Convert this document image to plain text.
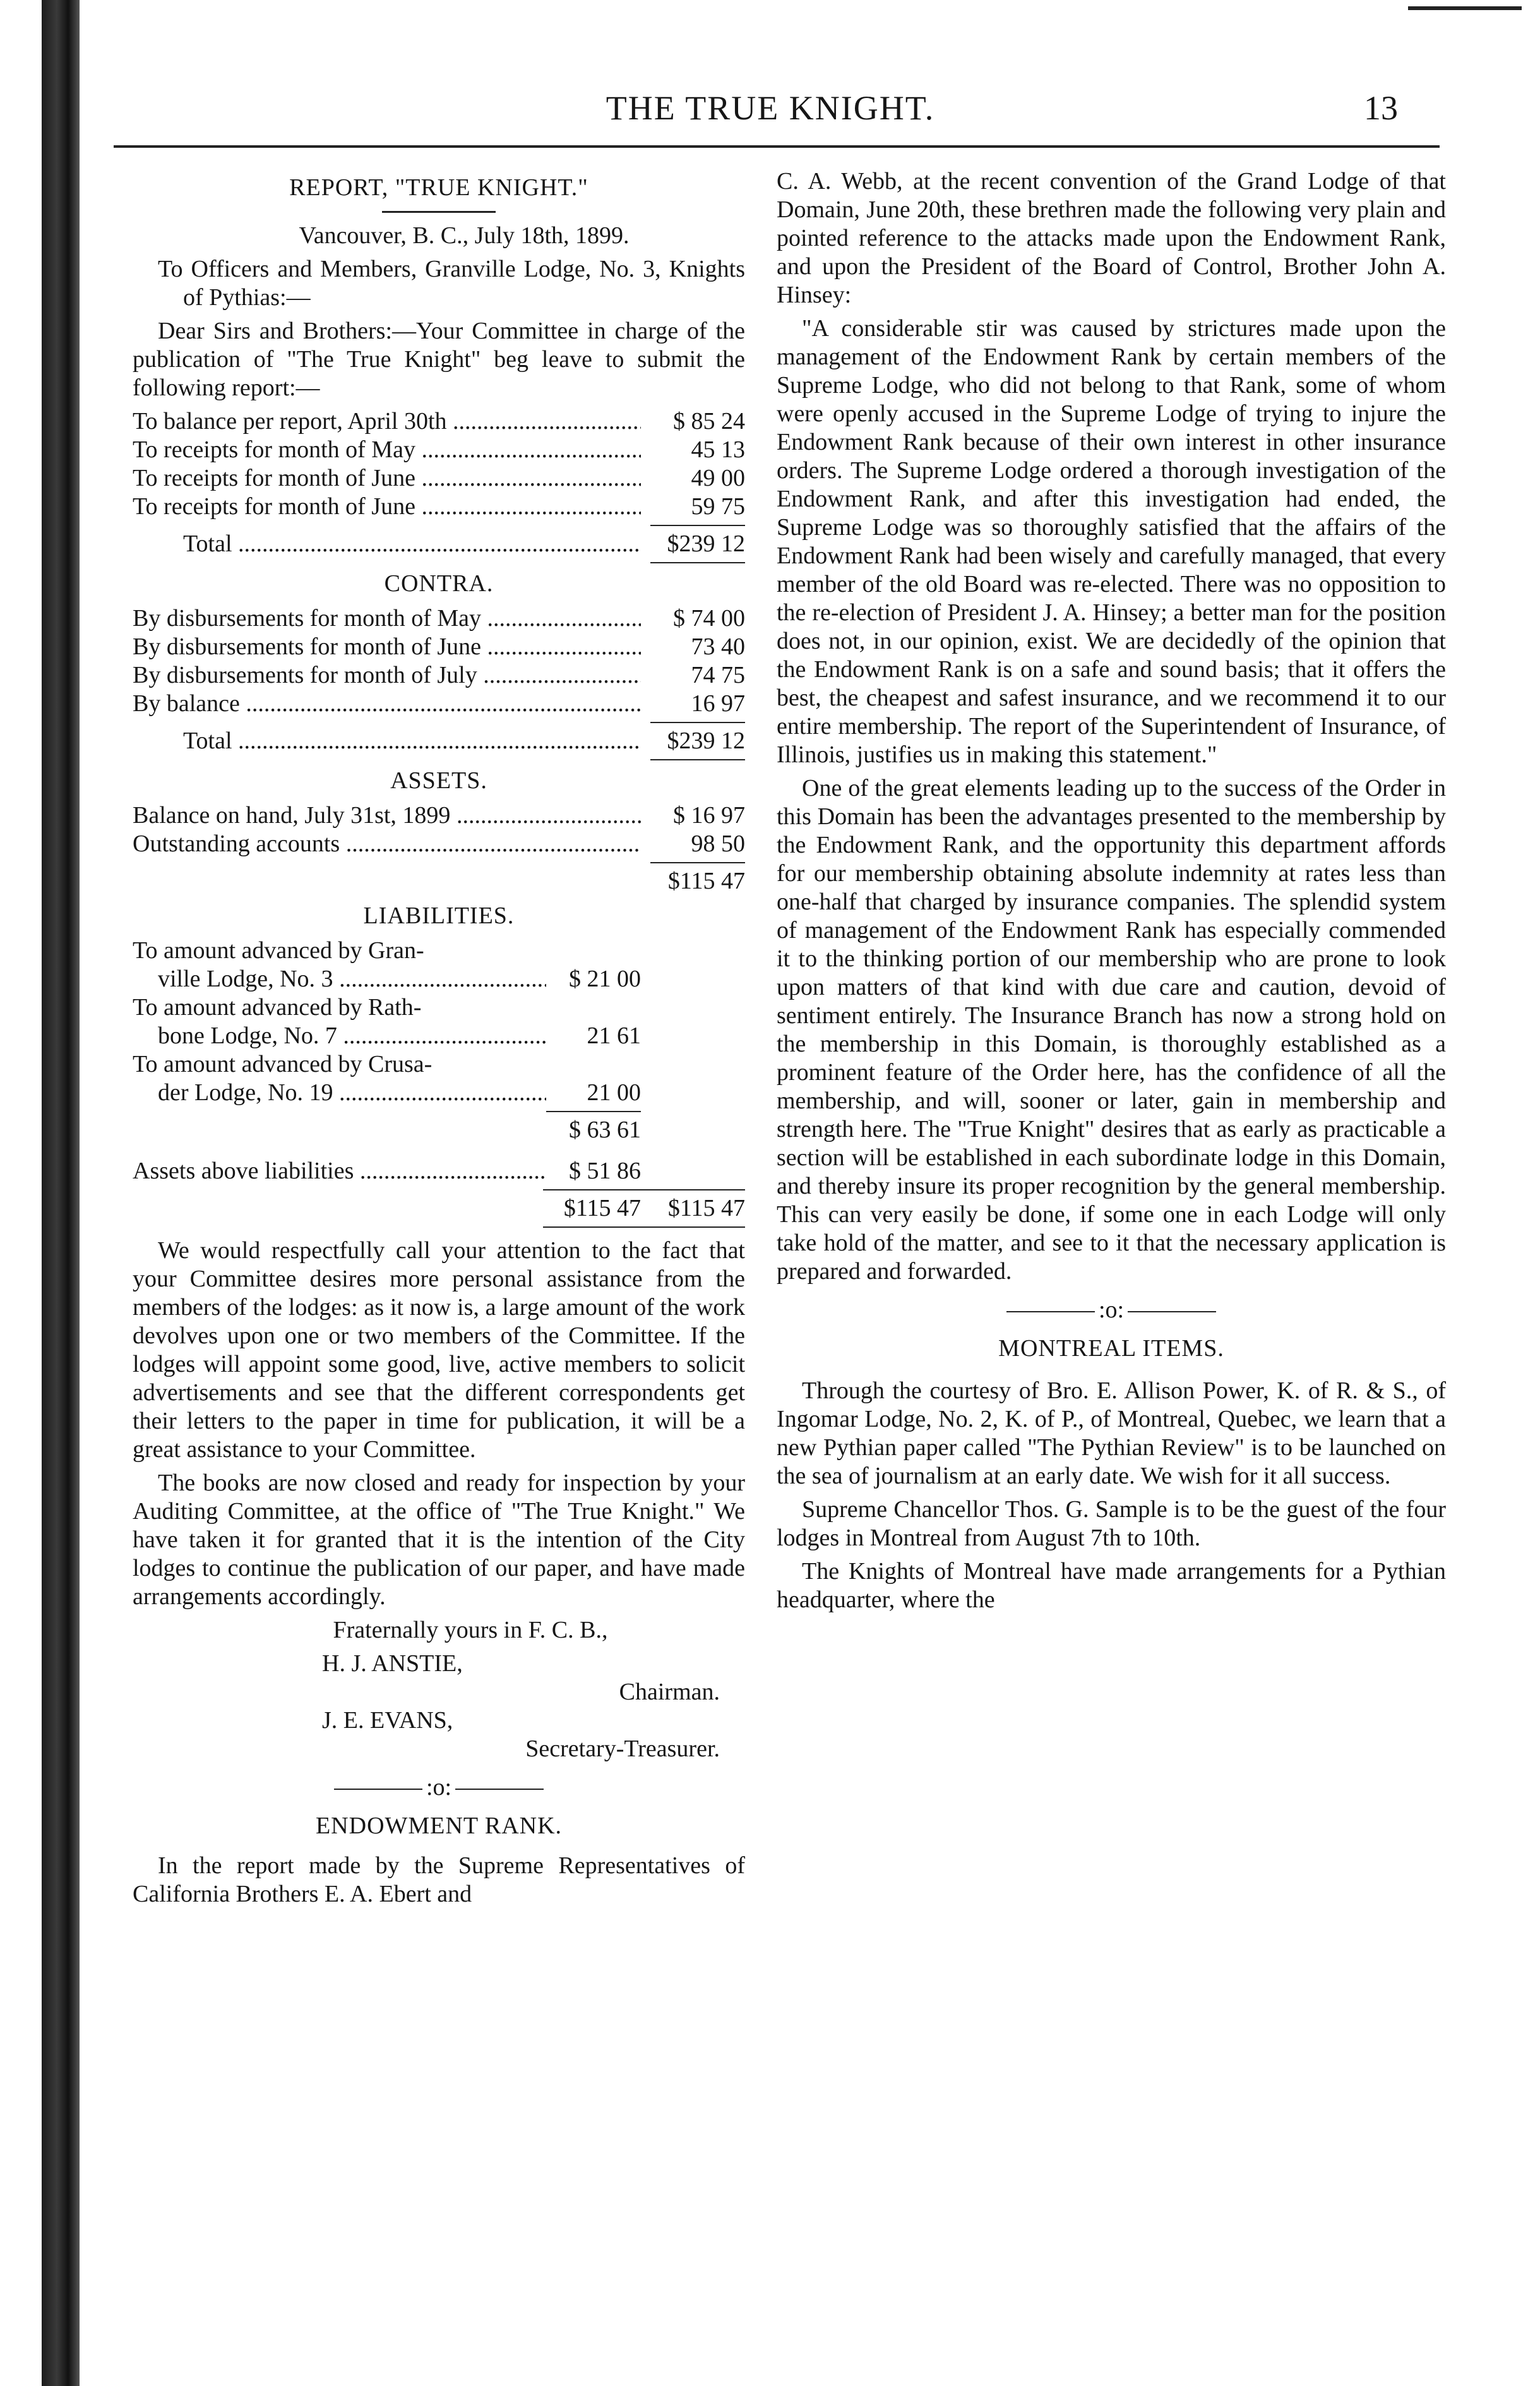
THE TRUE KNIGHT.	13
REPORT, "TRUE KNIGHT."

Vancouver, B. C., July 18th, 1899.

To Officers and Members, Granville Lodge, No. 3, Knights of Pythias:—

Dear Sirs and Brothers:—Your Committee in charge of the publication of "The True Knight" beg leave to submit the following report:—

To balance per report, April 30th .....	$ 85 24
To receipts for month of May .....	45 13
To receipts for month of June .....	49 00
To receipts for month of June .....	59 75
Total .....	$239 12
CONTRA.
By disbursements for month of May .....	$ 74 00
By disbursements for month of June .....	73 40
By disbursements for month of July .....	74 75
By balance .....	16 97
Total .....	$239 12
ASSETS.
Balance on hand, July 31st, 1899 .....	$ 16 97
Outstanding accounts .....	98 50
$115 47
LIABILITIES.
To amount advanced by Gran-
ville Lodge, No. 3 .....	$ 21 00
To amount advanced by Rath-
bone Lodge, No. 7 .....	21 61
To amount advanced by Crusa-
der Lodge, No. 19 .....	21 00
$ 63 61
Assets above liabilities .....	$ 51 86
$115 47	$115 47

We would respectfully call your attention to the fact that your Committee desires more personal assistance from the members of the lodges: as it now is, a large amount of the work devolves upon one or two members of the Committee. If the lodges will appoint some good, live, active members to solicit advertisements and see that the different correspondents get their letters to the paper in time for publication, it will be a great assistance to your Committee.

The books are now closed and ready for inspection by your Auditing Committee, at the office of "The True Knight." We have taken it for granted that it is the intention of the City lodges to continue the publication of our paper, and have made arrangements accordingly.

Fraternally yours in F. C. B.,

H. J. ANSTIE,

Chairman.

J. E. EVANS,

Secretary-Treasurer.

:o:
ENDOWMENT RANK.

In the report made by the Supreme Representatives of California Brothers E. A. Ebert and

C. A. Webb, at the recent convention of the Grand Lodge of that Domain, June 20th, these brethren made the following very plain and pointed reference to the attacks made upon the Endowment Rank, and upon the President of the Board of Control, Brother John A. Hinsey:

"A considerable stir was caused by strictures made upon the management of the Endowment Rank by certain members of the Supreme Lodge, who did not belong to that Rank, some of whom were openly accused in the Supreme Lodge of trying to injure the Endowment Rank because of their own interest in other insurance orders. The Supreme Lodge ordered a thorough investigation of the Endowment Rank, and after this investigation had ended, the Supreme Lodge was so thoroughly satisfied that the affairs of the Endowment Rank had been wisely and carefully managed, that every member of the old Board was re-elected. There was no opposition to the re-election of President J. A. Hinsey; a better man for the position does not, in our opinion, exist. We are decidedly of the opinion that the Endowment Rank is on a safe and sound basis; that it offers the best, the cheapest and safest insurance, and we recommend it to our entire membership. The report of the Superintendent of Insurance, of Illinois, justifies us in making this statement."

One of the great elements leading up to the success of the Order in this Domain has been the advantages presented to the membership by the Endowment Rank, and the opportunity this department affords for our membership obtaining absolute indemnity at rates less than one-half that charged by insurance companies. The splendid system of management of the Endowment Rank has especially commended it to the thinking portion of our membership who are prone to look upon matters of that kind with due care and caution, devoid of sentiment entirely. The Insurance Branch has now a strong hold on the membership in this Domain, is thoroughly established as a prominent feature of the Order here, has the confidence of all the membership, and will, sooner or later, gain in membership and strength here. The "True Knight" desires that as early as practicable a section will be established in each subordinate lodge in this Domain, and thereby insure its proper recognition by the general membership. This can very easily be done, if some one in each Lodge will only take hold of the matter, and see to it that the necessary application is prepared and forwarded.

:o:
MONTREAL ITEMS.

Through the courtesy of Bro. E. Allison Power, K. of R. & S., of Ingomar Lodge, No. 2, K. of P., of Montreal, Quebec, we learn that a new Pythian paper called "The Pythian Review" is to be launched on the sea of journalism at an early date. We wish for it all success.

Supreme Chancellor Thos. G. Sample is to be the guest of the four lodges in Montreal from August 7th to 10th.

The Knights of Montreal have made arrangements for a Pythian headquarter, where the
